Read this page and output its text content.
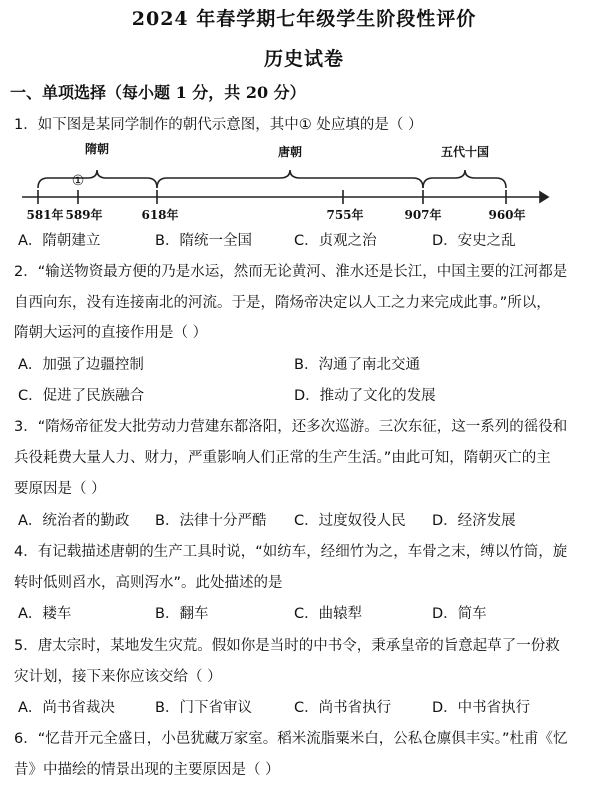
2024 年春学期七年级学生阶段性评价
历史试卷
一、单项选择（每小题 1 分，共 20 分）
1．如下图是某同学制作的朝代示意图，其中① 处应填的是（ ）
隋朝	唐朝	五代十国
①
581年 589年	618年	755年	907年	960年
A．隋朝建立	B．隋统一全国	C．贞观之治	D．安史之乱
2．“输送物资最方便的乃是水运，然而无论黄河、淮水还是长江，中国主要的江河都是
自西向东，没有连接南北的河流。于是，隋炀帝决定以人工之力来完成此事。”所以，
隋朝大运河的直接作用是（ ）
A．加强了边疆控制	B．沟通了南北交通
C．促进了民族融合	D．推动了文化的发展
3．“隋炀帝征发大批劳动力营建东都洛阳，还多次巡游。三次东征，这一系列的徭役和
兵役耗费大量人力、财力，严重影响人们正常的生产生活。”由此可知，隋朝灭亡的主
要原因是（ ）
A．统治者的勤政 B．法律十分严酷 C．过度奴役人民 D．经济发展
4．有记载描述唐朝的生产工具时说，“如纺车，经细竹为之，车骨之末，缚以竹筒，旋
转时低则舀水，高则泻水”。此处描述的是
A．耧车	B．翻车	C．曲辕犁	D．简车
5．唐太宗时，某地发生灾荒。假如你是当时的中书令，秉承皇帝的旨意起草了一份救
灾计划，接下来你应该交给（ ）
A．尚书省裁决	B．门下省审议	C．尚书省执行	D．中书省执行
6．“忆昔开元全盛日，小邑犹藏万家室。稻米流脂粟米白，公私仓廪俱丰实。”杜甫《忆
昔》中描绘的情景出现的主要原因是（ ）
